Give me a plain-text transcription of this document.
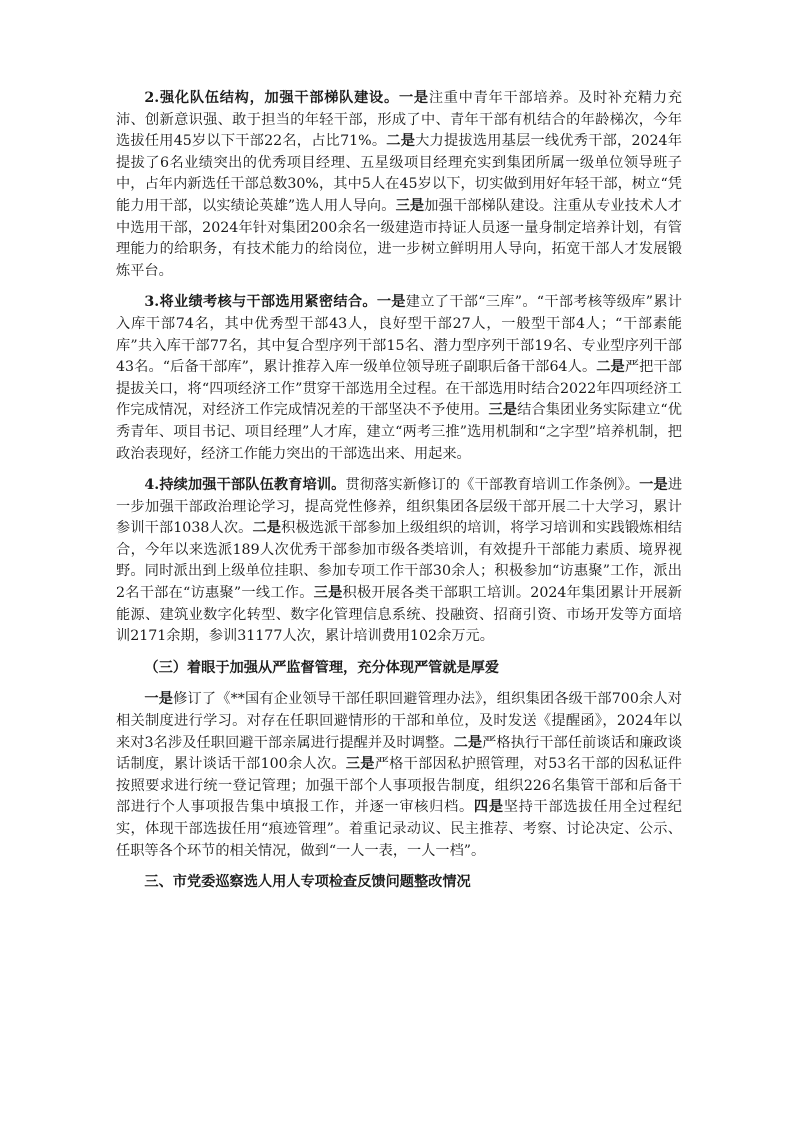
2.强化队伍结构，加强干部梯队建设。一是注重中青年干部培养。及时补充精力充沛、创新意识强、敢于担当的年轻干部，形成了中、青年干部有机结合的年龄梯次，今年选拔任用45岁以下干部22名，占比71%。二是大力提拔选用基层一线优秀干部，2024年提拔了6名业绩突出的优秀项目经理、五星级项目经理充实到集团所属一级单位领导班子中，占年内新选任干部总数30%，其中5人在45岁以下，切实做到用好年轻干部，树立“凭能力用干部，以实绩论英雄”选人用人导向。三是加强干部梯队建设。注重从专业技术人才中选用干部，2024年针对集团200余名一级建造市持证人员逐一量身制定培养计划，有管理能力的给职务，有技术能力的给岗位，进一步树立鲜明用人导向，拓宽干部人才发展锻炼平台。

3.将业绩考核与干部选用紧密结合。一是建立了干部“三库”。“干部考核等级库”累计入库干部74名，其中优秀型干部43人，良好型干部27人，一般型干部4人；“干部素能库”共入库干部77名，其中复合型序列干部15名、潜力型序列干部19名、专业型序列干部43名。“后备干部库”，累计推荐入库一级单位领导班子副职后备干部64人。二是严把干部提拔关口，将“四项经济工作”贯穿干部选用全过程。在干部选用时结合2022年四项经济工作完成情况，对经济工作完成情况差的干部坚决不予使用。三是结合集团业务实际建立“优秀青年、项目书记、项目经理”人才库，建立“两考三推”选用机制和“之字型”培养机制，把政治表现好，经济工作能力突出的干部选出来、用起来。

4.持续加强干部队伍教育培训。贯彻落实新修订的《干部教育培训工作条例》。一是进一步加强干部政治理论学习，提高党性修养，组织集团各层级干部开展二十大学习，累计参训干部1038人次。二是积极选派干部参加上级组织的培训，将学习培训和实践锻炼相结合，今年以来选派189人次优秀干部参加市级各类培训，有效提升干部能力素质、境界视野。同时派出到上级单位挂职、参加专项工作干部30余人；积极参加“访惠聚”工作，派出2名干部在“访惠聚”一线工作。三是积极开展各类干部职工培训。2024年集团累计开展新能源、建筑业数字化转型、数字化管理信息系统、投融资、招商引资、市场开发等方面培训2171余期，参训31177人次，累计培训费用102余万元。

（三）着眼于加强从严监督管理，充分体现严管就是厚爱

一是修订了《**国有企业领导干部任职回避管理办法》，组织集团各级干部700余人对相关制度进行学习。对存在任职回避情形的干部和单位，及时发送《提醒函》，2024年以来对3名涉及任职回避干部亲属进行提醒并及时调整。二是严格执行干部任前谈话和廉政谈话制度，累计谈话干部100余人次。三是严格干部因私护照管理，对53名干部的因私证件按照要求进行统一登记管理；加强干部个人事项报告制度，组织226名集管干部和后备干部进行个人事项报告集中填报工作，并逐一审核归档。四是坚持干部选拔任用全过程纪实，体现干部选拔任用“痕迹管理”。着重记录动议、民主推荐、考察、讨论决定、公示、任职等各个环节的相关情况，做到“一人一表，一人一档”。

三、市党委巡察选人用人专项检查反馈问题整改情况
